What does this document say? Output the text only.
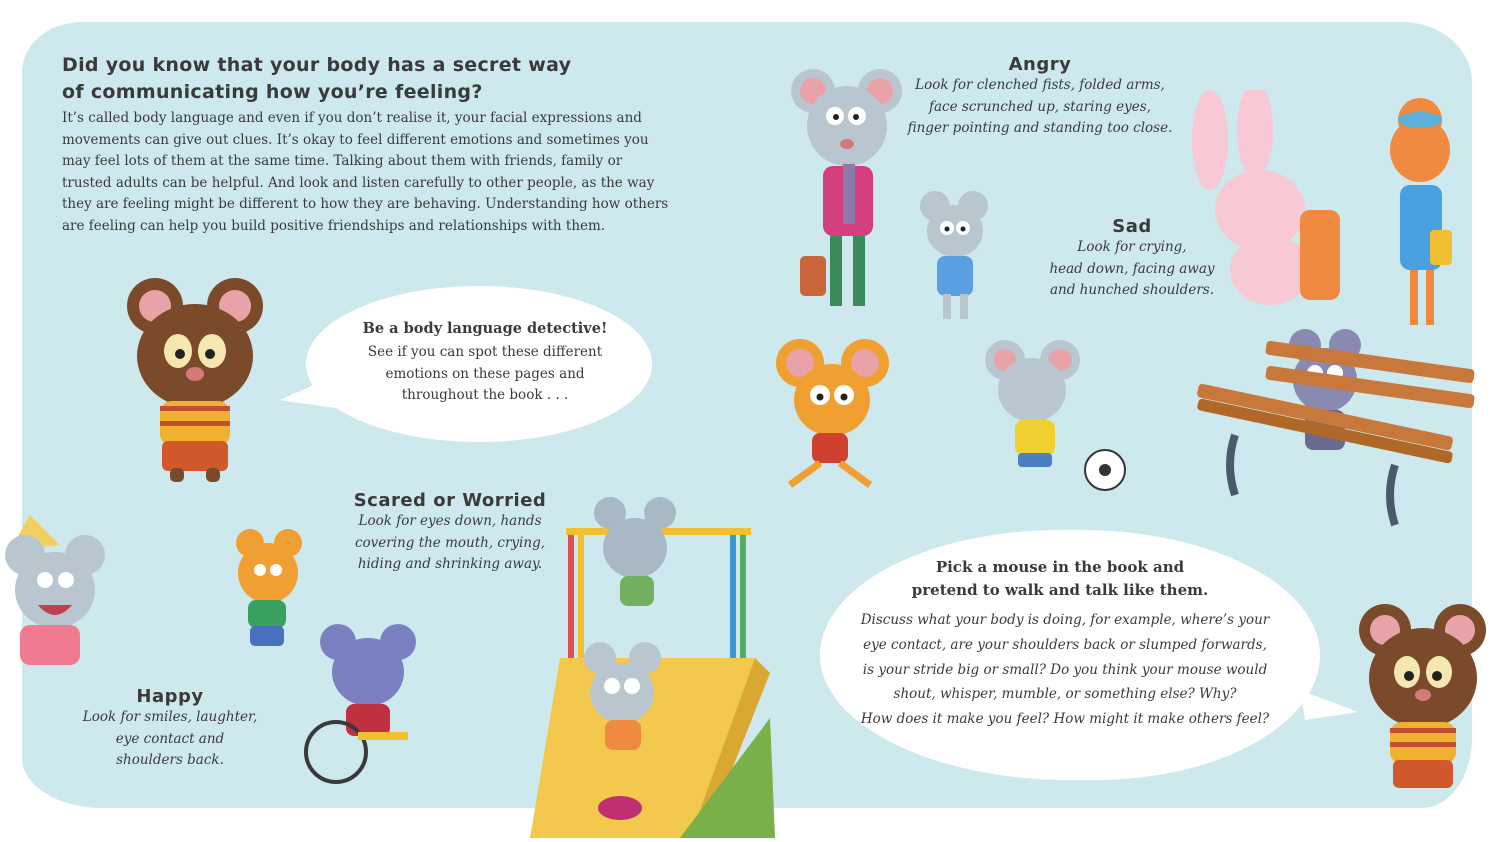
Did you know that your body has a secret way
of communicating how you’re feeling?
It’s called body language and even if you don’t realise it, your facial expressions and movements can give out clues. It’s okay to feel different emotions and sometimes you may feel lots of them at the same time. Talking about them with friends, family or trusted adults can be helpful. And look and listen carefully to other people, as the way they are feeling might be different to how they are behaving. Understanding how others are feeling can help you build positive friendships and relationships with them.
Be a body language detective!
See if you can spot these different
emotions on these pages and
throughout the book . . .
Angry
Look for clenched fists, folded arms,
face scrunched up, staring eyes,
finger pointing and standing too close.
Sad
Look for crying,
head down, facing away
and hunched shoulders.
Scared or Worried
Look for eyes down, hands
covering the mouth, crying,
hiding and shrinking away.
Happy
Look for smiles, laughter,
eye contact and
shoulders back.
Pick a mouse in the book and
pretend to walk and talk like them.
Discuss what your body is doing, for example, where’s your
eye contact, are your shoulders back or slumped forwards,
is your stride big or small? Do you think your mouse would
shout, whisper, mumble, or something else? Why?
How does it make you feel? How might it make others feel?
